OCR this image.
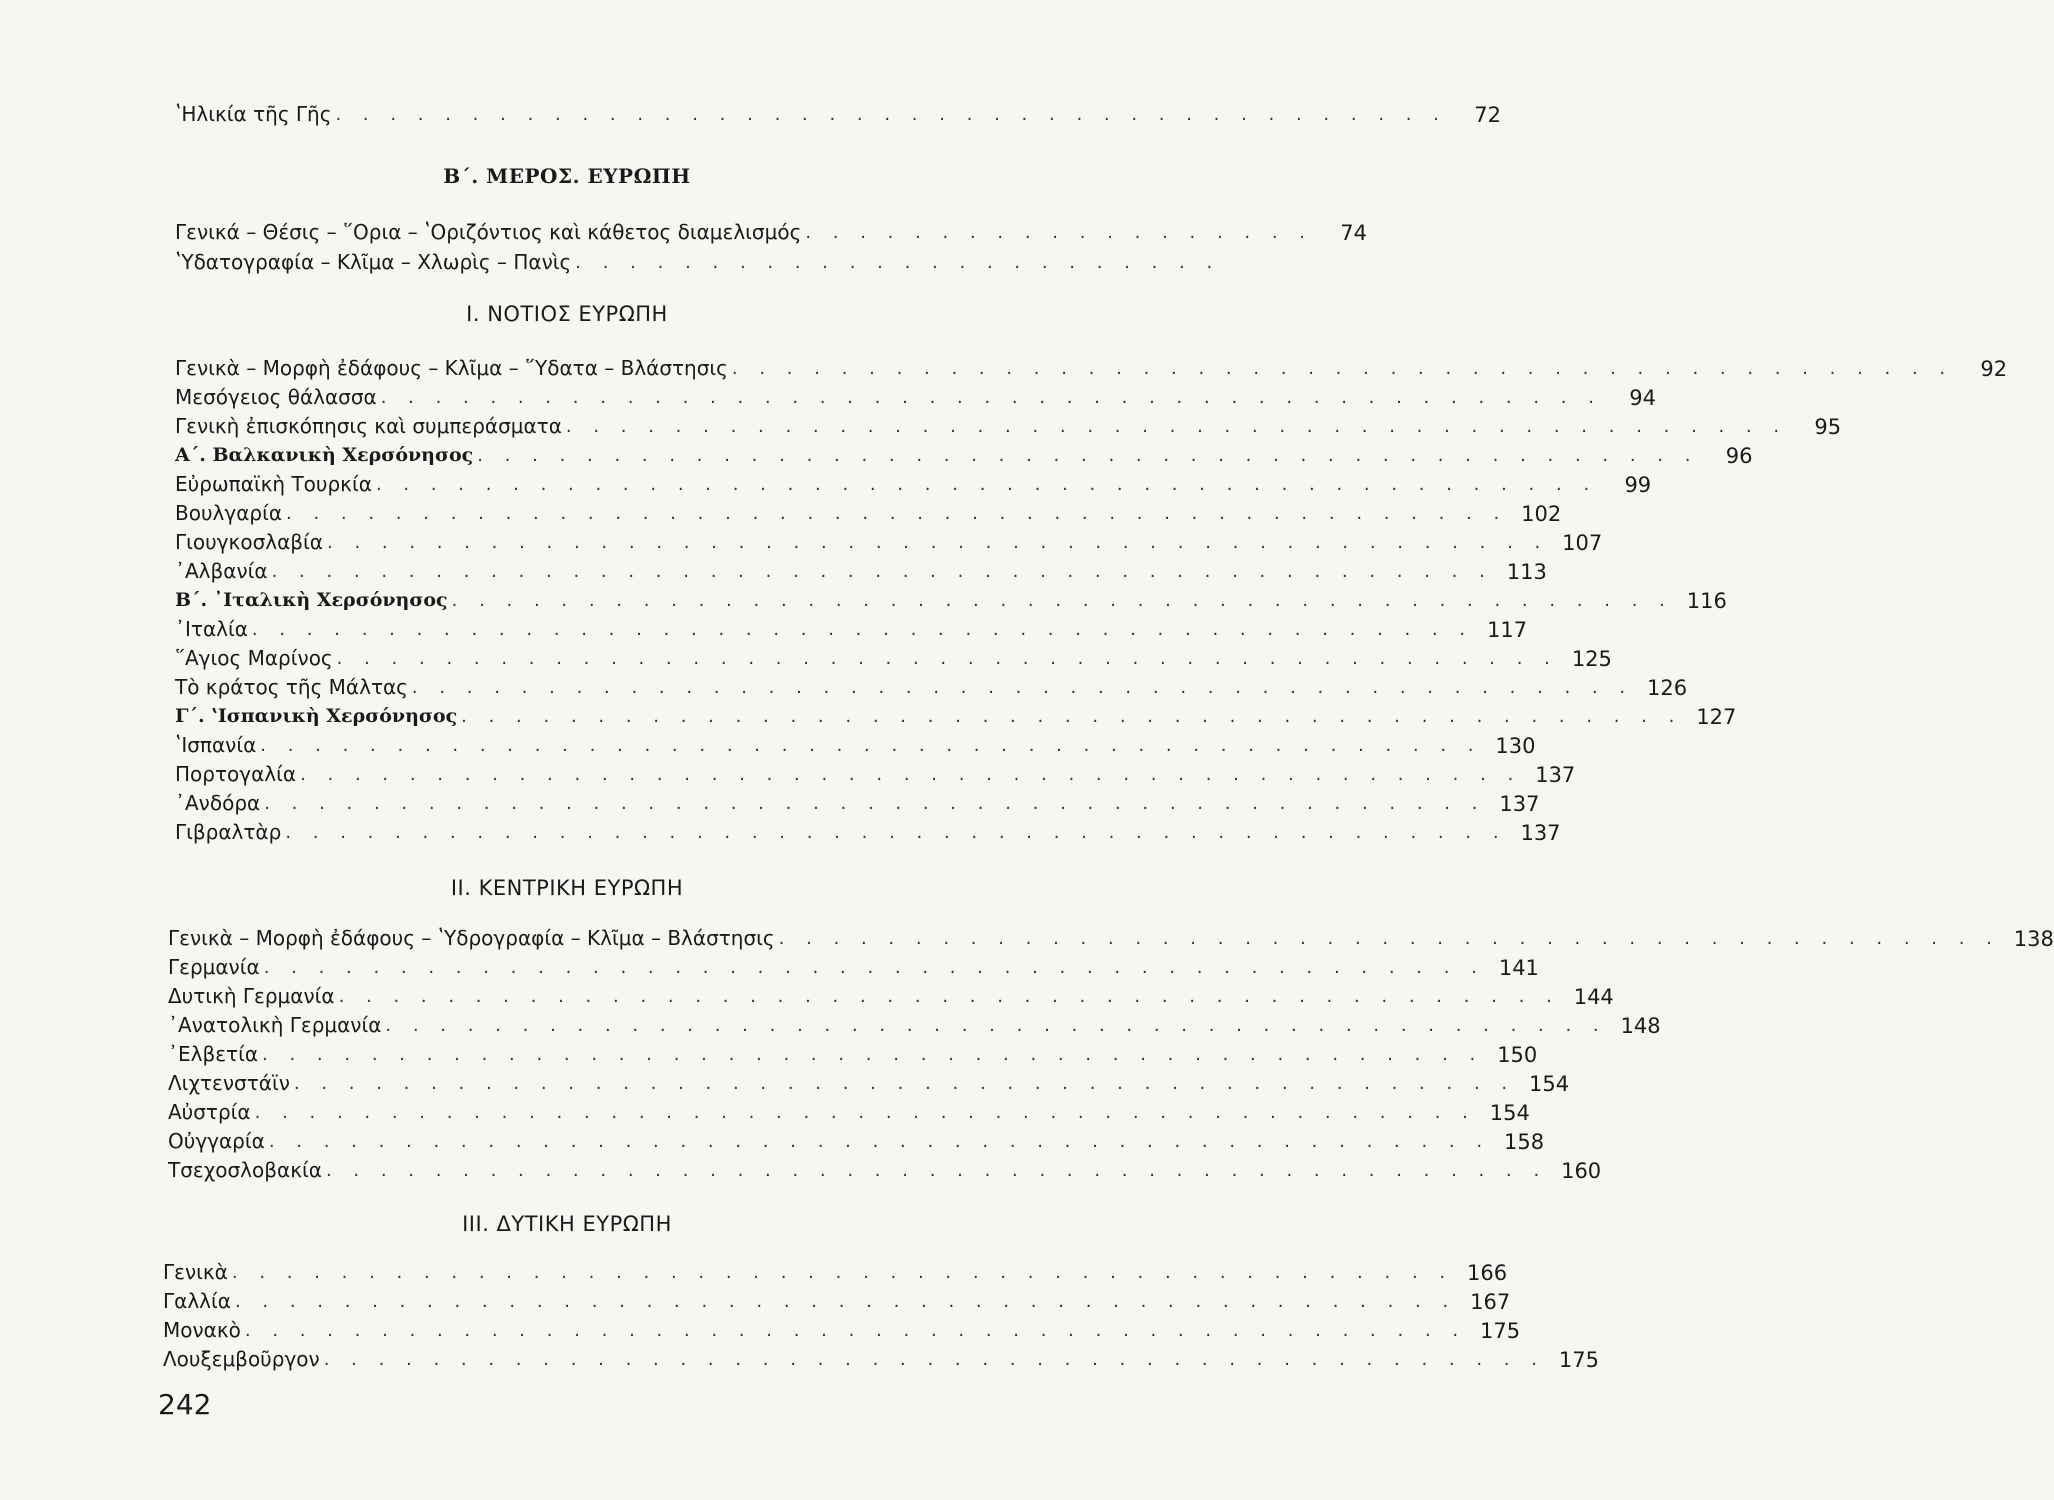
ʽΗλικία τῆς Γῆς . . . . . . . . . . . . . . . . . . . . . . . . . . . . . . . . . . . . . . . . .	72
Β΄. ΜΕΡΟΣ. ΕΥΡΩΠΗ
Γενικά – Θέσις – ῞Ορια – ʽΟριζόντιος καὶ κάθετος διαμελισμός . . . . . . . . . . . . . . . . . . .	74
ʽΥδατογραφία – Κλῖμα – Χλωρὶς – Πανὶς . . . . . . . . . . . . . . . . . . . . . . . .
Ι. ΝΟΤΙΟΣ ΕΥΡΩΠΗ
Γενικὰ – Μορφὴ ἐδάφους – Κλῖμα – ῞Υδατα – Βλάστησις . . . . . . . . . . . . . . . . . . . . . . . . . . . . . . . . . . . . . . . . . . . . .	92
Μεσόγειος θάλασσα . . . . . . . . . . . . . . . . . . . . . . . . . . . . . . . . . . . . . . . . . . . . .	94
Γενικὴ ἐπισκόπησις καὶ συμπεράσματα . . . . . . . . . . . . . . . . . . . . . . . . . . . . . . . . . . . . . . . . . . . . .	95
Α΄. Βαλκανικὴ Χερσόνησος . . . . . . . . . . . . . . . . . . . . . . . . . . . . . . . . . . . . . . . . . . . . .	96
Εὐρωπαϊκὴ Τουρκία . . . . . . . . . . . . . . . . . . . . . . . . . . . . . . . . . . . . . . . . . . . . .	99
Βουλγαρία . . . . . . . . . . . . . . . . . . . . . . . . . . . . . . . . . . . . . . . . . . . . . 102
Γιουγκοσλαβία . . . . . . . . . . . . . . . . . . . . . . . . . . . . . . . . . . . . . . . . . . . . . 107
᾽Αλβανία . . . . . . . . . . . . . . . . . . . . . . . . . . . . . . . . . . . . . . . . . . . . . 113
Β΄. ᾽Ιταλικὴ Χερσόνησος . . . . . . . . . . . . . . . . . . . . . . . . . . . . . . . . . . . . . . . . . . . . . 116
᾽Ιταλία . . . . . . . . . . . . . . . . . . . . . . . . . . . . . . . . . . . . . . . . . . . . . 117
῞Αγιος Μαρίνος . . . . . . . . . . . . . . . . . . . . . . . . . . . . . . . . . . . . . . . . . . . . . 125
Τὸ κράτος τῆς Μάλτας . . . . . . . . . . . . . . . . . . . . . . . . . . . . . . . . . . . . . . . . . . . . . 126
Γ΄. ʽΙσπανικὴ Χερσόνησος . . . . . . . . . . . . . . . . . . . . . . . . . . . . . . . . . . . . . . . . . . . . . 127
ʽΙσπανία . . . . . . . . . . . . . . . . . . . . . . . . . . . . . . . . . . . . . . . . . . . . . 130
Πορτογαλία . . . . . . . . . . . . . . . . . . . . . . . . . . . . . . . . . . . . . . . . . . . . . 137
᾽Ανδόρα . . . . . . . . . . . . . . . . . . . . . . . . . . . . . . . . . . . . . . . . . . . . . 137
Γιβραλτὰρ . . . . . . . . . . . . . . . . . . . . . . . . . . . . . . . . . . . . . . . . . . . . . 137
ΙΙ. ΚΕΝΤΡΙΚΗ ΕΥΡΩΠΗ
Γενικὰ – Μορφὴ ἐδάφους – ʽΥδρογραφία – Κλῖμα – Βλάστησις . . . . . . . . . . . . . . . . . . . . . . . . . . . . . . . . . . . . . . . . . . . . . 138
Γερμανία . . . . . . . . . . . . . . . . . . . . . . . . . . . . . . . . . . . . . . . . . . . . . 141
Δυτικὴ Γερμανία . . . . . . . . . . . . . . . . . . . . . . . . . . . . . . . . . . . . . . . . . . . . . 144
᾽Ανατολικὴ Γερμανία . . . . . . . . . . . . . . . . . . . . . . . . . . . . . . . . . . . . . . . . . . . . . 148
᾽Ελβετία . . . . . . . . . . . . . . . . . . . . . . . . . . . . . . . . . . . . . . . . . . . . . 150
Λιχτενστάϊν . . . . . . . . . . . . . . . . . . . . . . . . . . . . . . . . . . . . . . . . . . . . . 154
Αὐστρία . . . . . . . . . . . . . . . . . . . . . . . . . . . . . . . . . . . . . . . . . . . . . 154
Οὐγγαρία . . . . . . . . . . . . . . . . . . . . . . . . . . . . . . . . . . . . . . . . . . . . . 158
Τσεχοσλοβακία . . . . . . . . . . . . . . . . . . . . . . . . . . . . . . . . . . . . . . . . . . . . . 160
ΙΙΙ. ΔΥΤΙΚΗ ΕΥΡΩΠΗ
Γενικὰ . . . . . . . . . . . . . . . . . . . . . . . . . . . . . . . . . . . . . . . . . . . . . 166
Γαλλία . . . . . . . . . . . . . . . . . . . . . . . . . . . . . . . . . . . . . . . . . . . . . 167
Μονακὸ . . . . . . . . . . . . . . . . . . . . . . . . . . . . . . . . . . . . . . . . . . . . . 175
Λουξεμβοῦργον . . . . . . . . . . . . . . . . . . . . . . . . . . . . . . . . . . . . . . . . . . . . . 175
242
